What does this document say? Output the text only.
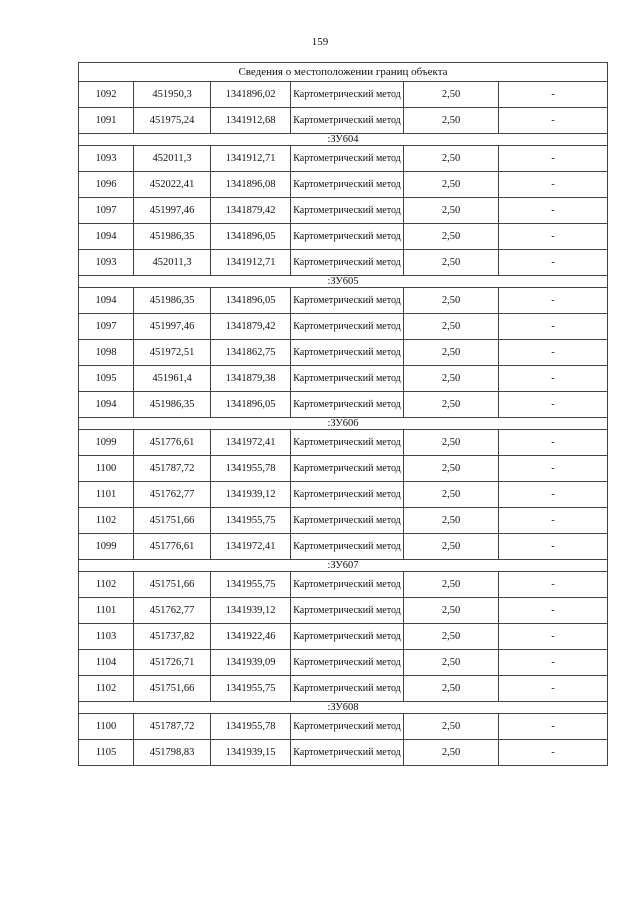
159
Сведения о местоположении границ объекта					
1092	451950,3	1341896,02	Картометрический метод	2,50	-
1091	451975,24	1341912,68	Картометрический метод	2,50	-
:ЗУ604					
1093	452011,3	1341912,71	Картометрический метод	2,50	-
1096	452022,41	1341896,08	Картометрический метод	2,50	-
1097	451997,46	1341879,42	Картометрический метод	2,50	-
1094	451986,35	1341896,05	Картометрический метод	2,50	-
1093	452011,3	1341912,71	Картометрический метод	2,50	-
:ЗУ605					
1094	451986,35	1341896,05	Картометрический метод	2,50	-
1097	451997,46	1341879,42	Картометрический метод	2,50	-
1098	451972,51	1341862,75	Картометрический метод	2,50	-
1095	451961,4	1341879,38	Картометрический метод	2,50	-
1094	451986,35	1341896,05	Картометрический метод	2,50	-
:ЗУ606					
1099	451776,61	1341972,41	Картометрический метод	2,50	-
1100	451787,72	1341955,78	Картометрический метод	2,50	-
1101	451762,77	1341939,12	Картометрический метод	2,50	-
1102	451751,66	1341955,75	Картометрический метод	2,50	-
1099	451776,61	1341972,41	Картометрический метод	2,50	-
:ЗУ607					
1102	451751,66	1341955,75	Картометрический метод	2,50	-
1101	451762,77	1341939,12	Картометрический метод	2,50	-
1103	451737,82	1341922,46	Картометрический метод	2,50	-
1104	451726,71	1341939,09	Картометрический метод	2,50	-
1102	451751,66	1341955,75	Картометрический метод	2,50	-
:ЗУ608					
1100	451787,72	1341955,78	Картометрический метод	2,50	-
1105	451798,83	1341939,15	Картометрический метод	2,50	-
